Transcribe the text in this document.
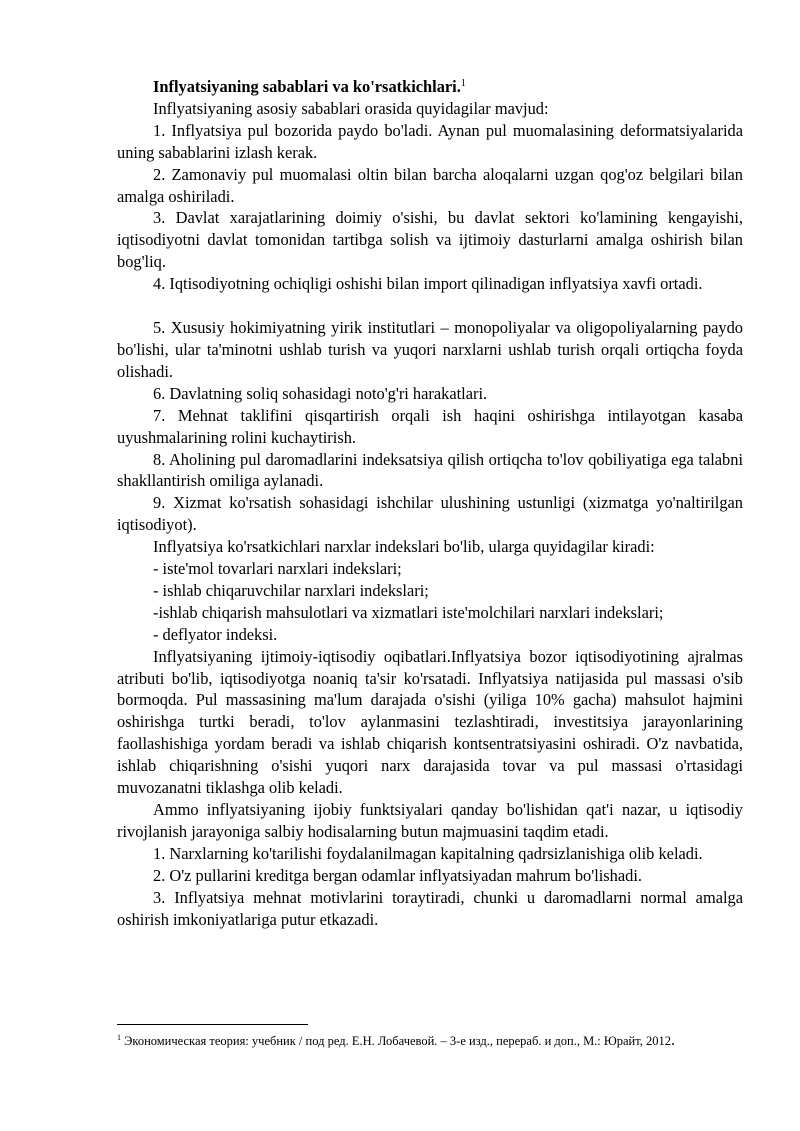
Inflyatsiyaning sabablari va ko'rsatkichlari.$^1$

Inflyatsiyaning asosiy sabablari orasida quyidagilar mavjud:

1. Inflyatsiya pul bozorida paydo bo'ladi. Aynan pul muomalasining deformatsiyalarida uning sabablarini izlash kerak.

2. Zamonaviy pul muomalasi oltin bilan barcha aloqalarni uzgan qog'oz belgilari bilan amalga oshiriladi.

3. Davlat xarajatlarining doimiy o'sishi, bu davlat sektori ko'lamining kengayishi, iqtisodiyotni davlat tomonidan tartibga solish va ijtimoiy dasturlarni amalga oshirish bilan bog'liq.

4. Iqtisodiyotning ochiqligi oshishi bilan import qilinadigan inflyatsiya xavfi ortadi.

5. Xususiy hokimiyatning yirik institutlari – monopoliyalar va oligopoliyalarning paydo bo'lishi, ular ta'minotni ushlab turish va yuqori narxlarni ushlab turish orqali ortiqcha foyda olishadi.

6. Davlatning soliq sohasidagi noto'g'ri harakatlari.

7. Mehnat taklifini qisqartirish orqali ish haqini oshirishga intilayotgan kasaba uyushmalarining rolini kuchaytirish.

8. Aholining pul daromadlarini indeksatsiya qilish ortiqcha to'lov qobiliyatiga ega talabni shakllantirish omiliga aylanadi.

9. Xizmat ko'rsatish sohasidagi ishchilar ulushining ustunligi (xizmatga yo'naltirilgan iqtisodiyot).

Inflyatsiya ko'rsatkichlari narxlar indekslari bo'lib, ularga quyidagilar kiradi:

- iste'mol tovarlari narxlari indekslari;

- ishlab chiqaruvchilar narxlari indekslari;

-ishlab chiqarish mahsulotlari va xizmatlari iste'molchilari narxlari indekslari;

- deflyator indeksi.

Inflyatsiyaning ijtimoiy-iqtisodiy oqibatlari.Inflyatsiya bozor iqtisodiyotining ajralmas atributi bo'lib, iqtisodiyotga noaniq ta'sir ko'rsatadi. Inflyatsiya natijasida pul massasi o'sib bormoqda. Pul massasining ma'lum darajada o'sishi (yiliga 10% gacha) mahsulot hajmini oshirishga turtki beradi, to'lov aylanmasini tezlashtiradi, investitsiya jarayonlarining faollashishiga yordam beradi va ishlab chiqarish kontsentratsiyasini oshiradi. O'z navbatida, ishlab chiqarishning o'sishi yuqori narx darajasida tovar va pul massasi o'rtasidagi muvozanatni tiklashga olib keladi.

Ammo inflyatsiyaning ijobiy funktsiyalari qanday bo'lishidan qat'i nazar, u iqtisodiy rivojlanish jarayoniga salbiy hodisalarning butun majmuasini taqdim etadi.

1. Narxlarning ko'tarilishi foydalanilmagan kapitalning qadrsizlanishiga olib keladi.

2. O'z pullarini kreditga bergan odamlar inflyatsiyadan mahrum bo'lishadi.

3. Inflyatsiya mehnat motivlarini toraytiradi, chunki u daromadlarni normal amalga oshirish imkoniyatlariga putur etkazadi.

$^1$ Экономическая теория: учебник / под ред. Е.Н. Лобачевой. – 3-е изд., перераб. и доп., М.: Юрайт, 2012.
